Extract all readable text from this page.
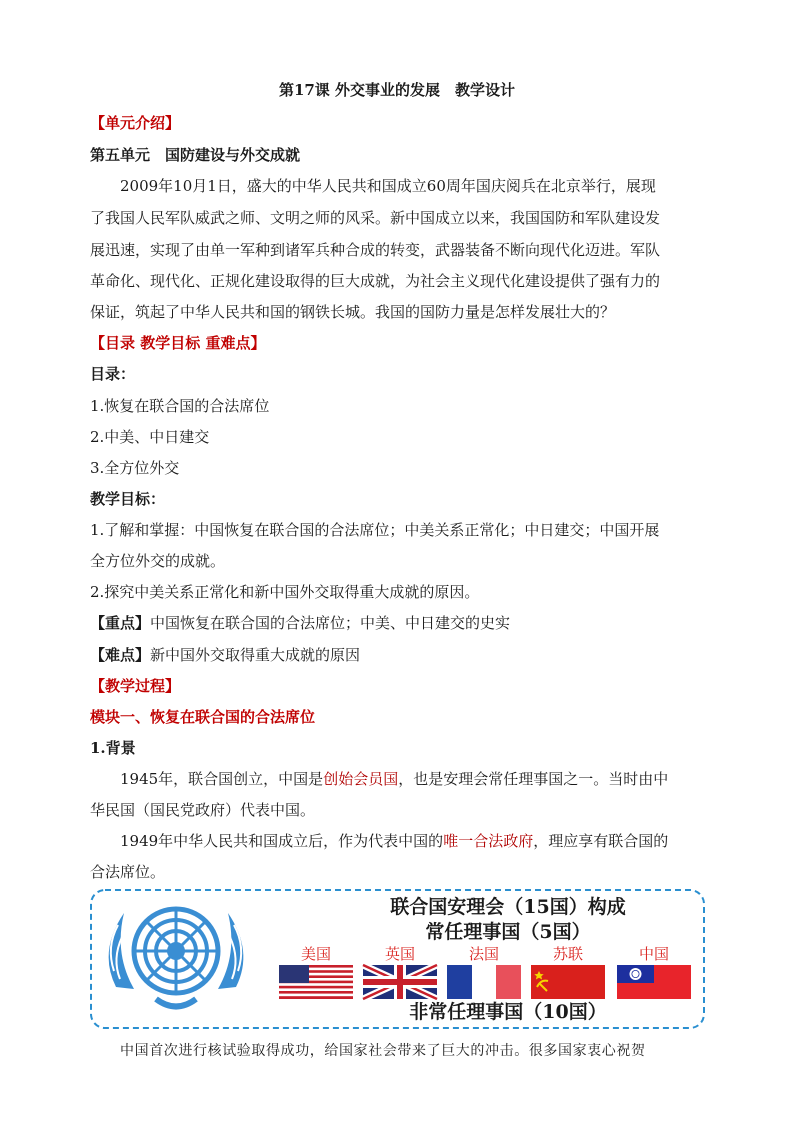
第17课 外交事业的发展　教学设计
【单元介绍】
第五单元　国防建设与外交成就
2009年10月1日，盛大的中华人民共和国成立60周年国庆阅兵在北京举行，展现
了我国人民军队威武之师、文明之师的风采。新中国成立以来，我国国防和军队建设发
展迅速，实现了由单一军种到诸军兵种合成的转变，武器装备不断向现代化迈进。军队
革命化、现代化、正规化建设取得的巨大成就，为社会主义现代化建设提供了强有力的
保证，筑起了中华人民共和国的钢铁长城。我国的国防力量是怎样发展壮大的？
【目录 教学目标 重难点】
目录：
1.恢复在联合国的合法席位
2.中美、中日建交
3.全方位外交
教学目标：
1.了解和掌握：中国恢复在联合国的合法席位；中美关系正常化；中日建交；中国开展
全方位外交的成就。
2.探究中美关系正常化和新中国外交取得重大成就的原因。
【重点】中国恢复在联合国的合法席位；中美、中日建交的史实
【难点】新中国外交取得重大成就的原因
【教学过程】
模块一、恢复在联合国的合法席位
1.背景
1945年，联合国创立，中国是创始会员国，也是安理会常任理事国之一。当时由中
华民国（国民党政府）代表中国。
1949年中华人民共和国成立后，作为代表中国的唯一合法政府，理应享有联合国的
合法席位。
联合国安理会（15国）构成
常任理事国（5国）
美国	英国	法国	苏联	中国
非常任理事国（10国）
中国首次进行核试验取得成功，给国家社会带来了巨大的冲击。很多国家衷心祝贺
